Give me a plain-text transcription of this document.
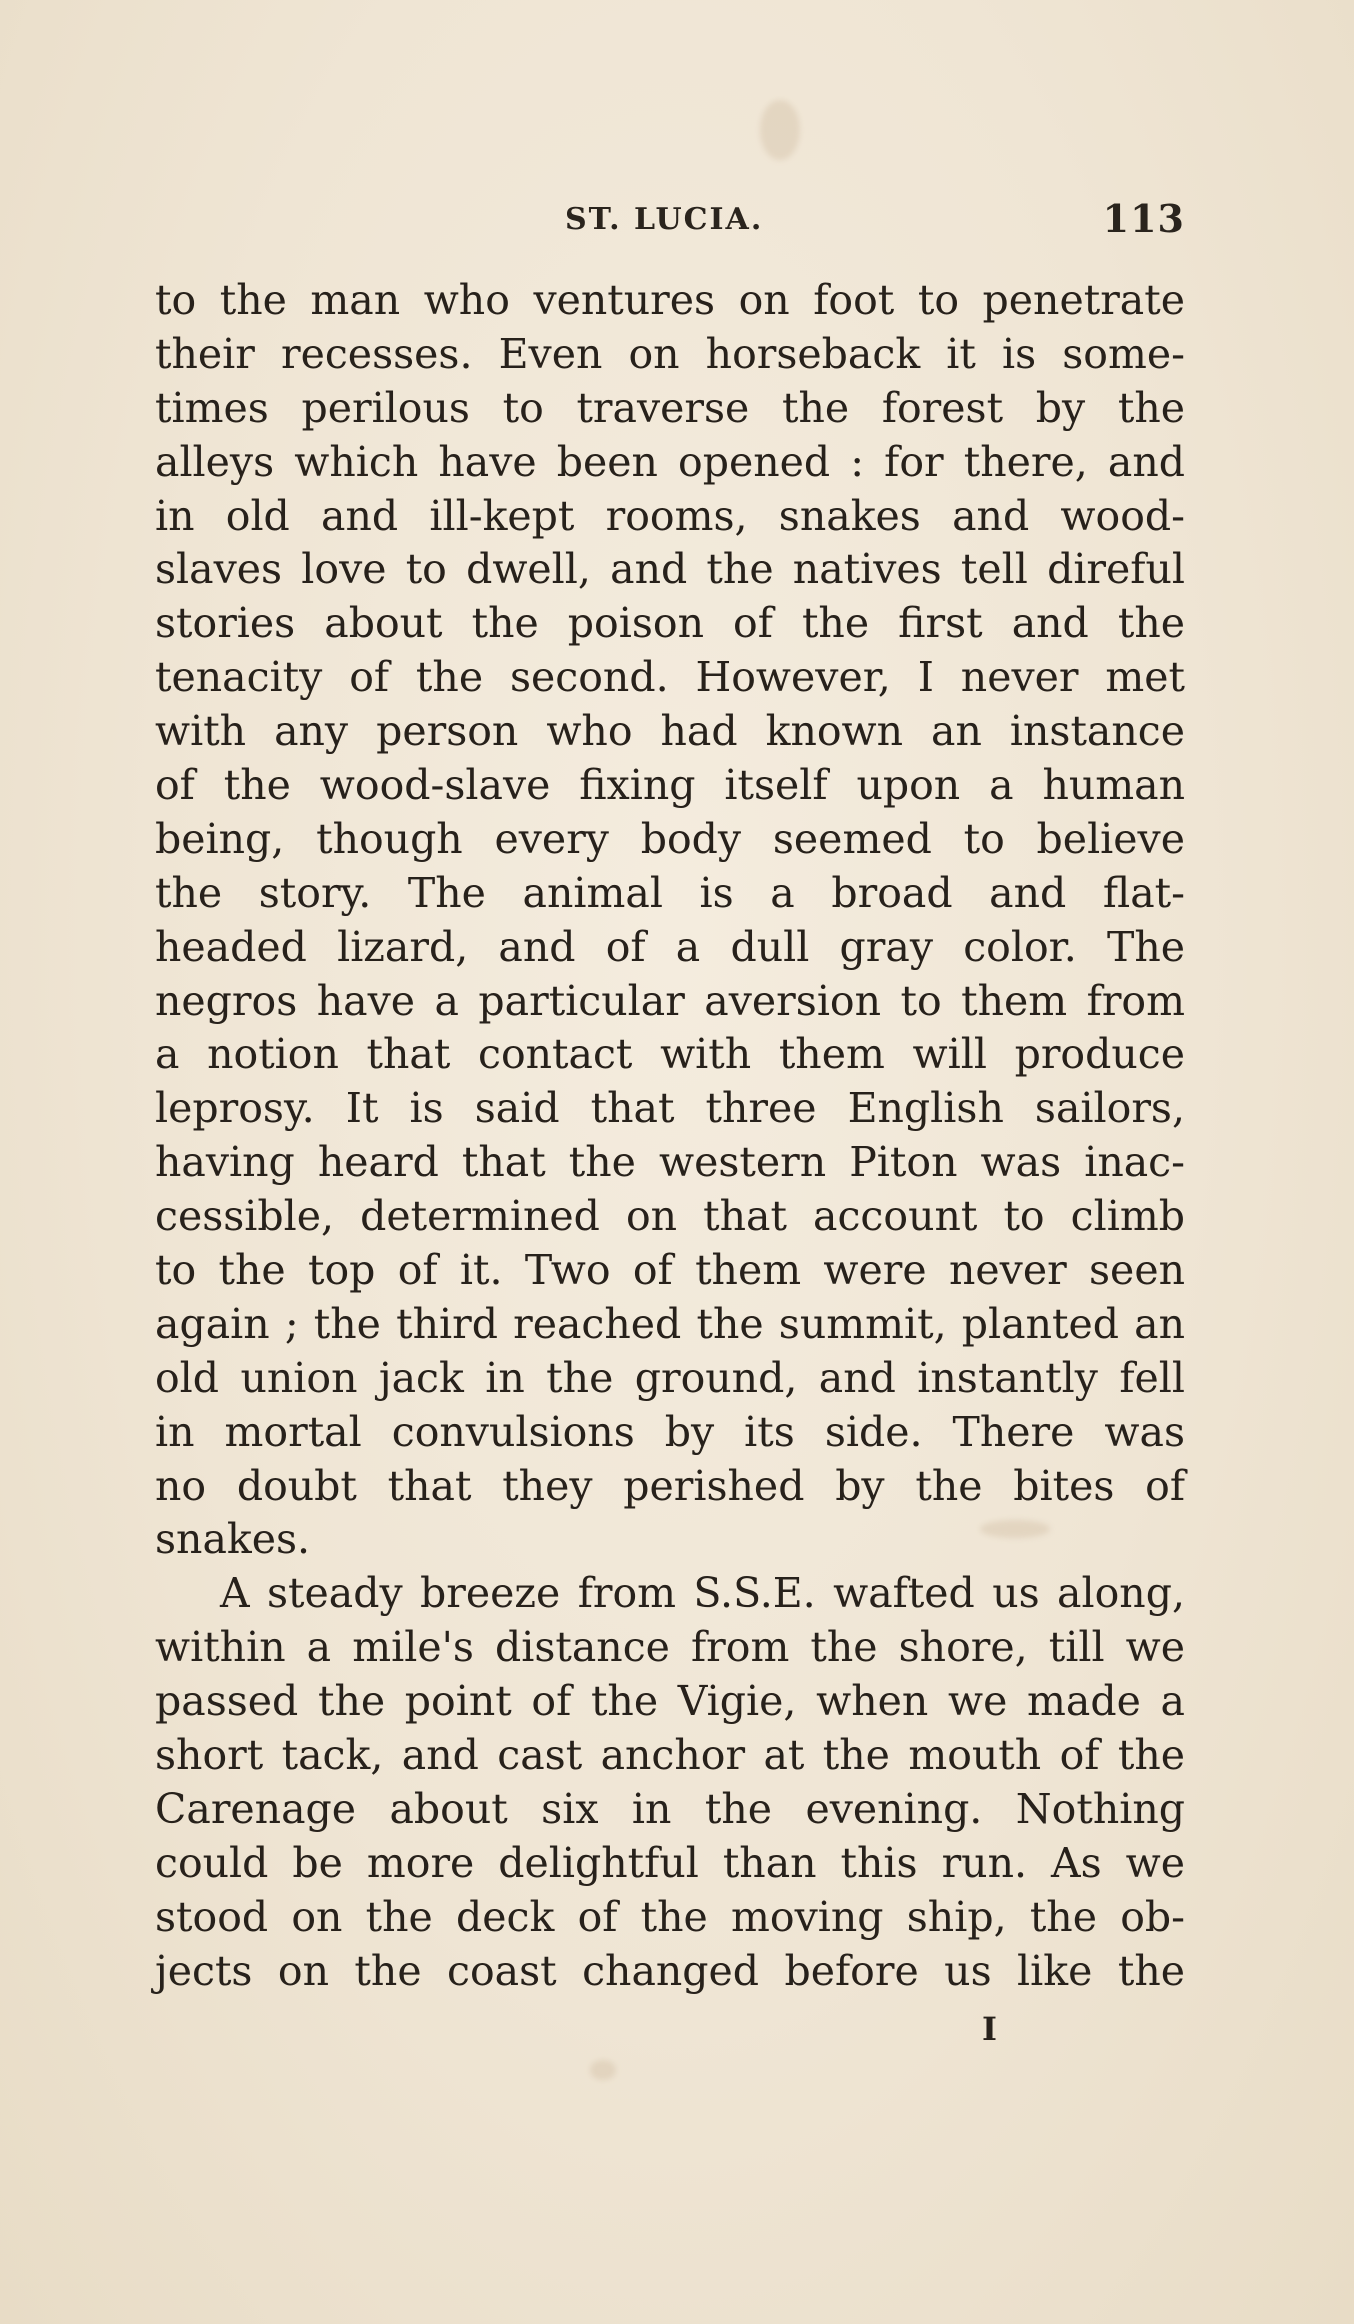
ST. LUCIA.	113
to the man who ventures on foot to penetrate
their recesses. Even on horseback it is some-
times perilous to traverse the forest by the
alleys which have been opened : for there, and
in old and ill-kept rooms, snakes and wood-
slaves love to dwell, and the natives tell direful
stories about the poison of the first and the
tenacity of the second. However, I never met
with any person who had known an instance
of the wood-slave fixing itself upon a human
being, though every body seemed to believe
the story. The animal is a broad and flat-
headed lizard, and of a dull gray color. The
negros have a particular aversion to them from
a notion that contact with them will produce
leprosy. It is said that three English sailors,
having heard that the western Piton was inac-
cessible, determined on that account to climb
to the top of it. Two of them were never seen
again ; the third reached the summit, planted an
old union jack in the ground, and instantly fell
in mortal convulsions by its side. There was
no doubt that they perished by the bites of
snakes.
A steady breeze from S.S.E. wafted us along,
within a mile's distance from the shore, till we
passed the point of the Vigie, when we made a
short tack, and cast anchor at the mouth of the
Carenage about six in the evening. Nothing
could be more delightful than this run. As we
stood on the deck of the moving ship, the ob-
jects on the coast changed before us like the
I
